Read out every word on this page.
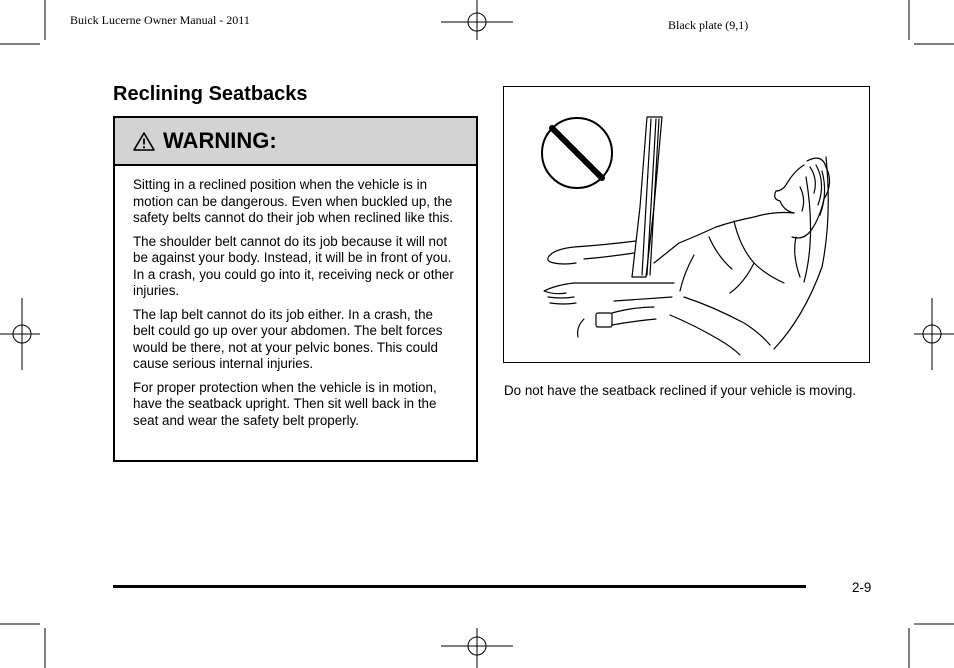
Buick Lucerne Owner Manual - 2011	Black plate (9,1)
Reclining Seatbacks
WARNING:

Sitting in a reclined position when the vehicle is in motion can be dangerous. Even when buckled up, the safety belts cannot do their job when reclined like this.

The shoulder belt cannot do its job because it will not be against your body. Instead, it will be in front of you. In a crash, you could go into it, receiving neck or other injuries.

The lap belt cannot do its job either. In a crash, the belt could go up over your abdomen. The belt forces would be there, not at your pelvic bones. This could cause serious internal injuries.

For proper protection when the vehicle is in motion, have the seatback upright. Then sit well back in the seat and wear the safety belt properly.

Do not have the seatback reclined if your vehicle is moving.
2-9
